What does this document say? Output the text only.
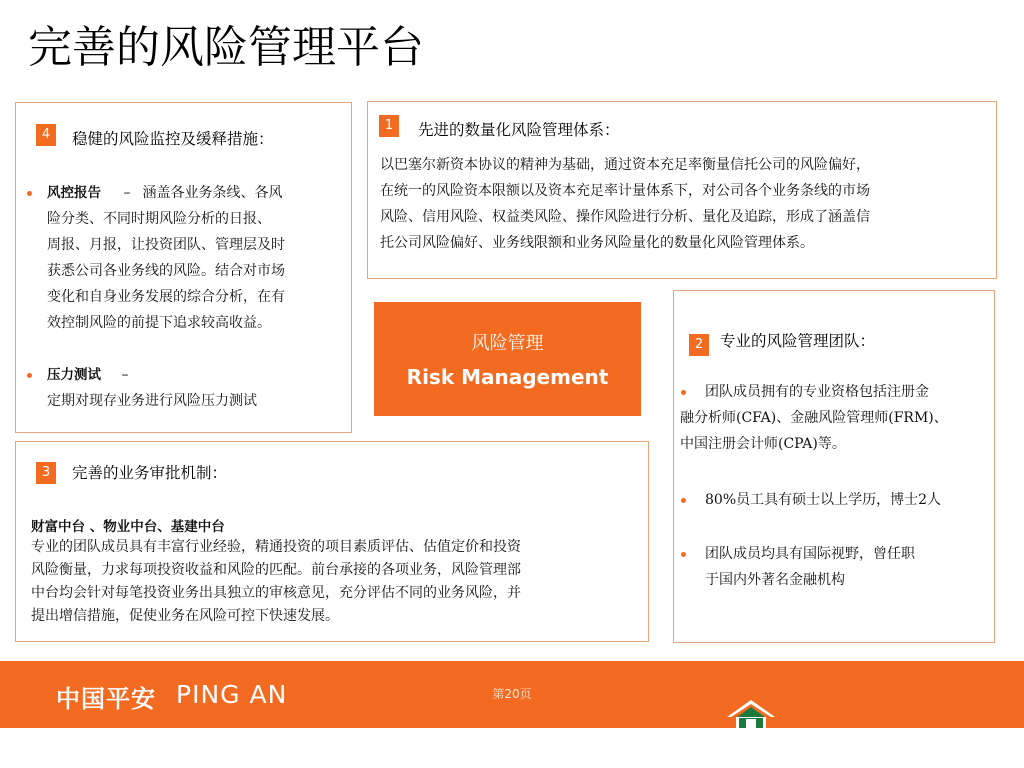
完善的风险管理平台
4	稳健的风险监控及缓释措施：
风控报告 – 涵盖各业务条线、各风
险分类、不同时期风险分析的日报、
周报、月报，让投资团队、管理层及时
获悉公司各业务线的风险。结合对市场
变化和自身业务发展的综合分析，在有
效控制风险的前提下追求较高收益。
压力测试 –
定期对现存业务进行风险压力测试
1	先进的数量化风险管理体系：
以巴塞尔新资本协议的精神为基础，通过资本充足率衡量信托公司的风险偏好，
在统一的风险资本限额以及资本充足率计量体系下，对公司各个业务条线的市场
风险、信用风险、权益类风险、操作风险进行分析、量化及追踪，形成了涵盖信
托公司风险偏好、业务线限额和业务风险量化的数量化风险管理体系。
风险管理
Risk Management
2	专业的风险管理团队：
团队成员拥有的专业资格包括注册金
融分析师(CFA)、金融风险管理师(FRM)、
中国注册会计师(CPA)等。
80%员工具有硕士以上学历，博士2人
团队成员均具有国际视野，曾任职
于国内外著名金融机构
3	完善的业务审批机制：
财富中台 、物业中台、基建中台
专业的团队成员具有丰富行业经验，精通投资的项目素质评估、估值定价和投资
风险衡量，力求每项投资收益和风险的匹配。前台承接的各项业务，风险管理部
中台均会针对每笔投资业务出具独立的审核意见，充分评估不同的业务风险，并
提出增信措施，促使业务在风险可控下快速发展。
中国平安 PING AN	第20页
